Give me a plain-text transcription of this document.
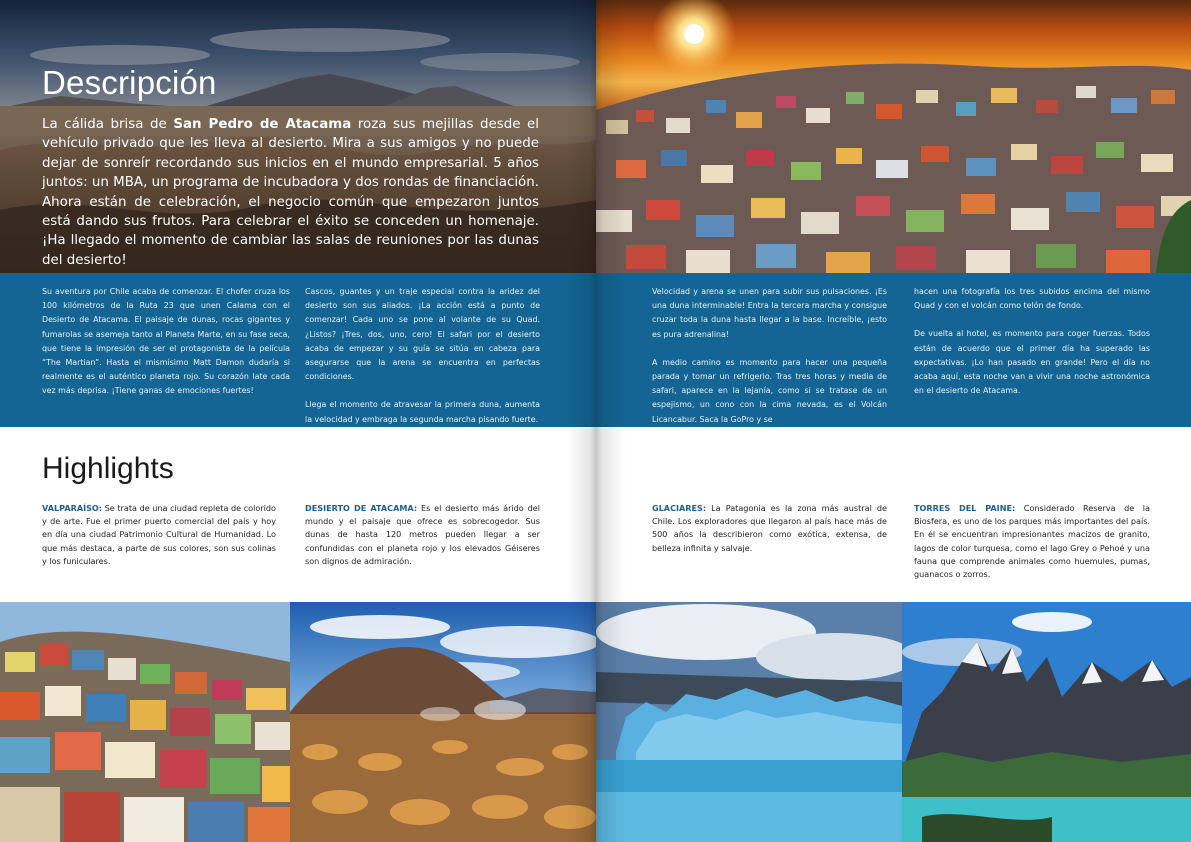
Descripción

La cálida brisa de San Pedro de Atacama roza sus mejillas desde el vehículo privado que les lleva al desierto. Mira a sus amigos y no puede dejar de sonreír recordando sus inicios en el mundo empresarial. 5 años juntos: un MBA, un programa de incubadora y dos rondas de financiación. Ahora están de celebración, el negocio común que empezaron juntos está dando sus frutos. Para celebrar el éxito se conceden un homenaje. ¡Ha llegado el momento de cambiar las salas de reuniones por las dunas del desierto!

Su aventura por Chile acaba de comenzar. El chofer cruza los 100 kilómetros de la Ruta 23 que unen Calama con el Desierto de Atacama. El paisaje de dunas, rocas gigantes y fumarolas se asemeja tanto al Planeta Marte, en su fase seca, que tiene la impresión de ser el protagonista de la película “The Martian”. Hasta el mismísimo Matt Damon dudaría si realmente es el auténtico planeta rojo. Su corazón late cada vez más deprisa. ¡Tiene ganas de emociones fuertes!

Cascos, guantes y un traje especial contra la aridez del desierto son sus aliados. ¡La acción está a punto de comenzar! Cada uno se pone al volante de su Quad. ¿Listos? ¡Tres, dos, uno, cero! El safari por el desierto acaba de empezar y su guía se sitúa en cabeza para asegurarse que la arena se encuentra en perfectas condiciones.

Llega el momento de atravesar la primera duna, aumenta la velocidad y embraga la segunda marcha pisando fuerte.

Velocidad y arena se unen para subir sus pulsaciones. ¡Es una duna interminable! Entra la tercera marcha y consigue cruzar toda la duna hasta llegar a la base. Increíble, ¡esto es pura adrenalina!

A medio camino es momento para hacer una pequeña parada y tomar un refrigerio. Tras tres horas y media de safari, aparece en la lejanía, como si se tratase de un espejismo, un cono con la cima nevada, es el Volcán Licancabur. Saca la GoPro y se

hacen una fotografía los tres subidos encima del mismo Quad y con el volcán como telón de fondo.

De vuelta al hotel, es momento para coger fuerzas. Todos están de acuerdo que el primer día ha superado las expectativas. ¡Lo han pasado en grande! Pero el día no acaba aquí, esta noche van a vivir una noche astronómica en el desierto de Atacama.

Highlights
VALPARAÍSO: Se trata de una ciudad repleta de colorido y de arte. Fue el primer puerto comercial del país y hoy en día una ciudad Patrimonio Cultural de Humanidad. Lo que más destaca, a parte de sus colores, son sus colinas y los funiculares.
DESIERTO DE ATACAMA: Es el desierto más árido del mundo y el paisaje que ofrece es sobrecogedor. Sus dunas de hasta 120 metros pueden llegar a ser confundidas con el planeta rojo y los elevados Géiseres son dignos de admiración.
GLACIARES: La Patagonia es la zona más austral de Chile. Los exploradores que llegaron al país hace más de 500 años la describieron como exótica, extensa, de belleza infinita y salvaje.
TORRES DEL PAINE: Considerado Reserva de la Biosfera, es uno de los parques más importantes del país. En él se encuentran impresionantes macizos de granito, lagos de color turquesa, como el lago Grey o Pehoé y una fauna que comprende animales como huemules, pumas, guanacos o zorros.
